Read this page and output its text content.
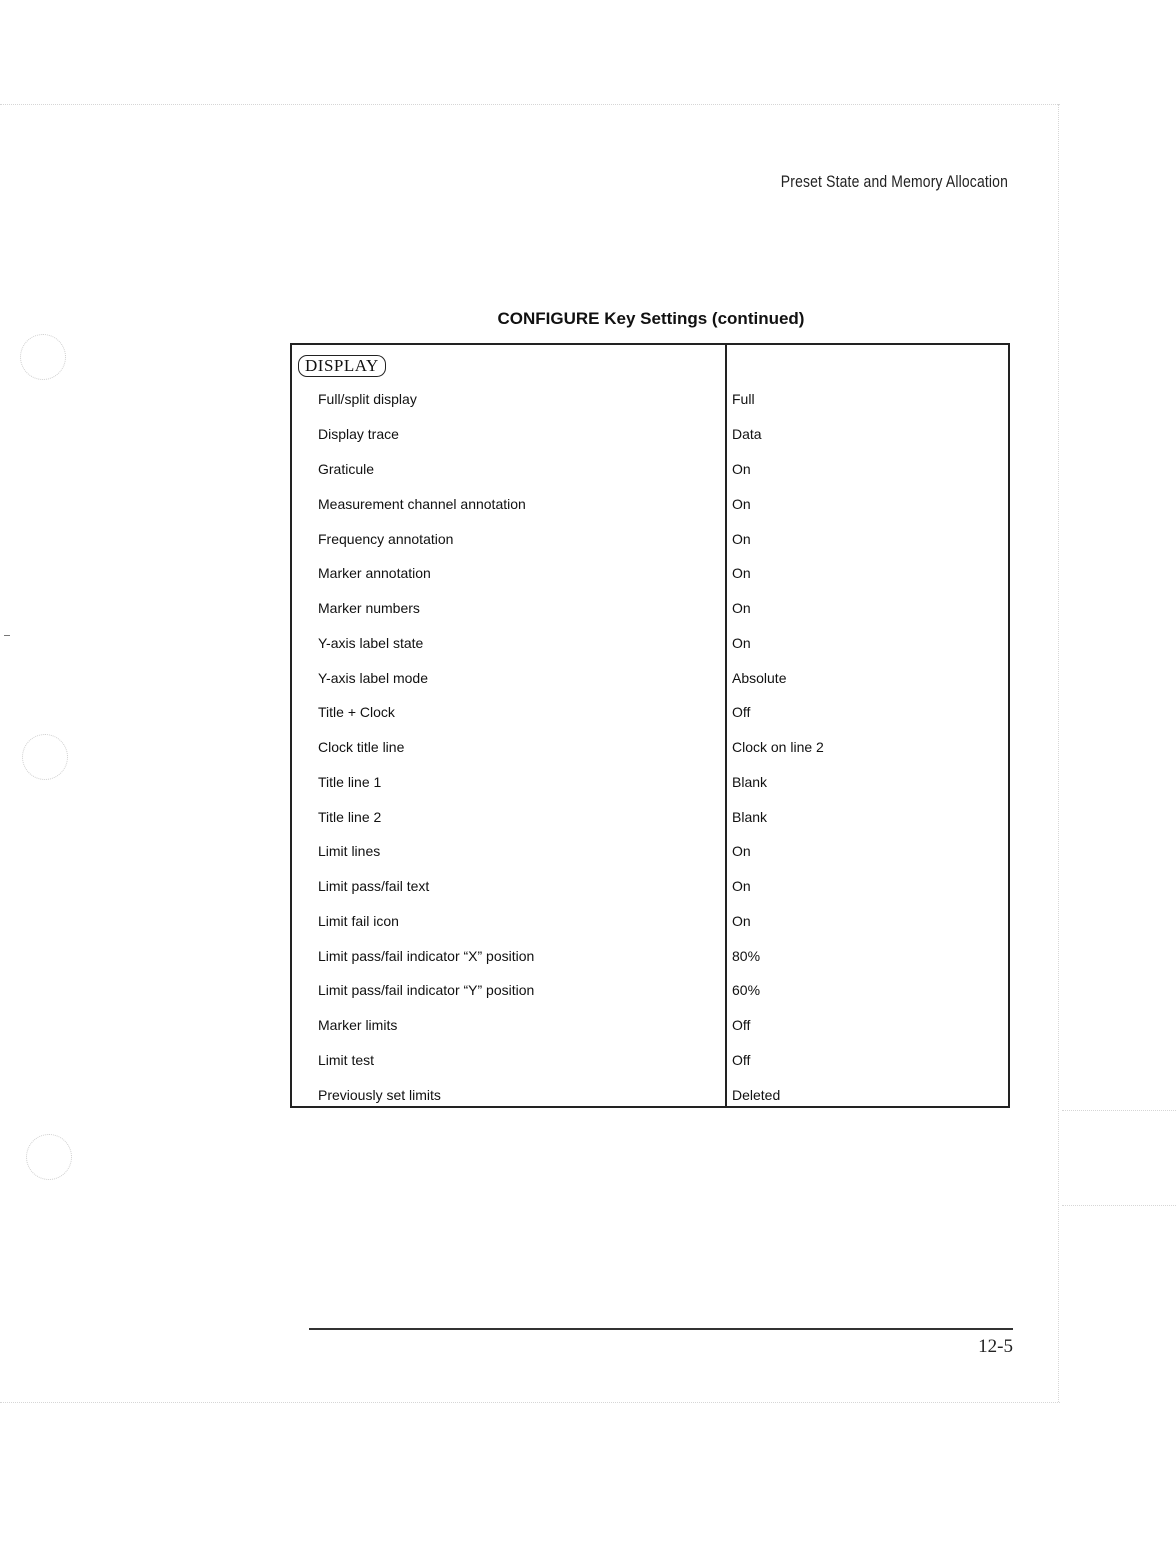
Preset State and Memory Allocation
CONFIGURE Key Settings (continued)
DISPLAY
Full/split display	Full
Display trace	Data
Graticule	On
Measurement channel annotation	On
Frequency annotation	On
Marker annotation	On
Marker numbers	On
Y-axis label state	On
Y-axis label mode	Absolute
Title + Clock	Off
Clock title line	Clock on line 2
Title line 1	Blank
Title line 2	Blank
Limit lines	On
Limit pass/fail text	On
Limit fail icon	On
Limit pass/fail indicator “X” position	80%
Limit pass/fail indicator “Y” position	60%
Marker limits	Off
Limit test	Off
Previously set limits	Deleted
12-5
